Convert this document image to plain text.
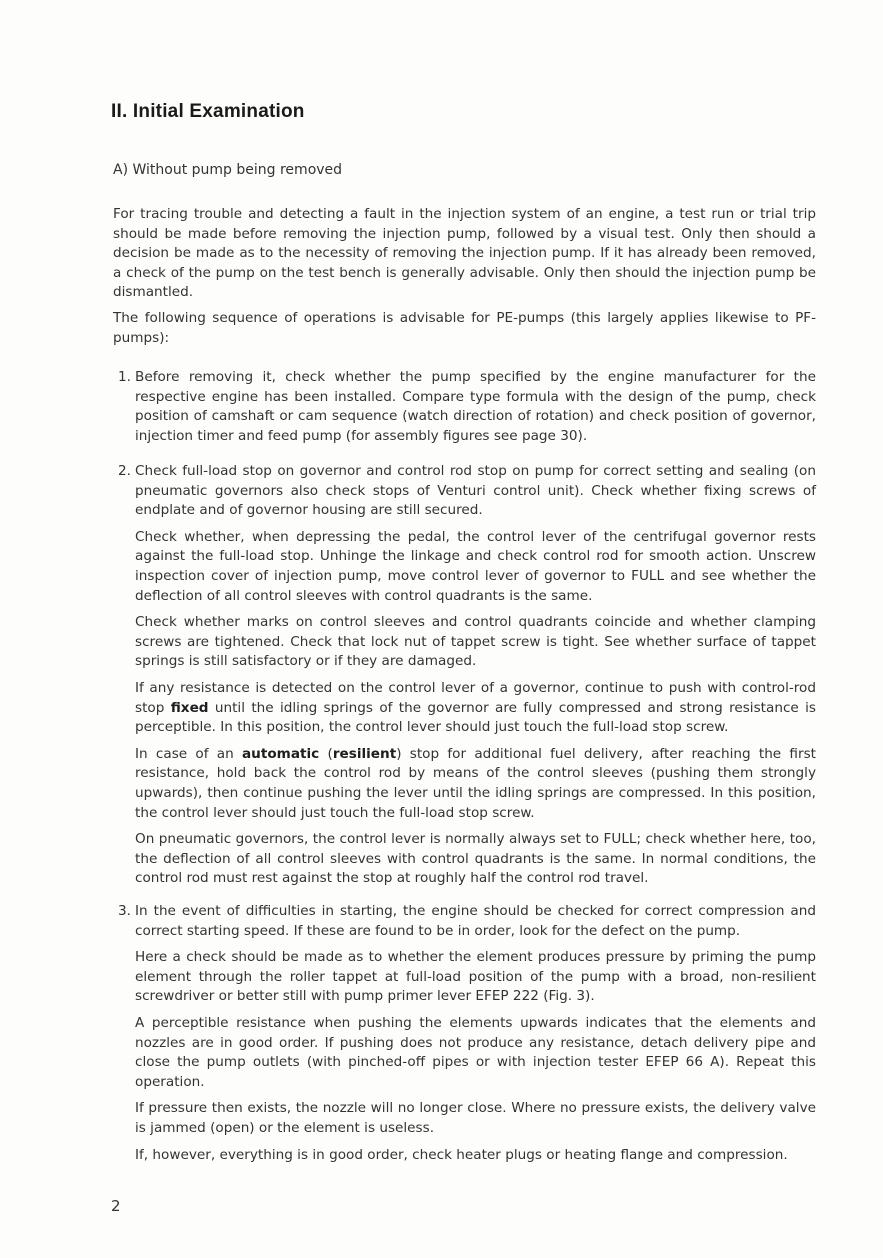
II. Initial Examination
A) Without pump being removed
For tracing trouble and detecting a fault in the injection system of an engine, a test run or trial trip should be made before removing the injection pump, followed by a visual test. Only then should a decision be made as to the necessity of removing the injection pump. If it has already been removed, a check of the pump on the test bench is generally advisable. Only then should the injection pump be dismantled.
The following sequence of operations is advisable for PE-pumps (this largely applies likewise to PF-pumps):
1. Before removing it, check whether the pump specified by the engine manufacturer for the respective engine has been installed. Compare type formula with the design of the pump, check position of camshaft or cam sequence (watch direction of rotation) and check position of governor, injection timer and feed pump (for assembly figures see page 30).

2. Check full-load stop on governor and control rod stop on pump for correct setting and sealing (on pneumatic governors also check stops of Venturi control unit). Check whether fixing screws of endplate and of governor housing are still secured.

Check whether, when depressing the pedal, the control lever of the centrifugal governor rests against the full-load stop. Unhinge the linkage and check control rod for smooth action. Unscrew inspection cover of injection pump, move control lever of governor to FULL and see whether the deflection of all control sleeves with control quadrants is the same.

Check whether marks on control sleeves and control quadrants coincide and whether clamping screws are tightened. Check that lock nut of tappet screw is tight. See whether surface of tappet springs is still satisfactory or if they are damaged.

If any resistance is detected on the control lever of a governor, continue to push with control-rod stop fixed until the idling springs of the governor are fully compressed and strong resistance is perceptible. In this position, the control lever should just touch the full-load stop screw.

In case of an automatic (resilient) stop for additional fuel delivery, after reaching the first resistance, hold back the control rod by means of the control sleeves (pushing them strongly upwards), then continue pushing the lever until the idling springs are compressed. In this position, the control lever should just touch the full-load stop screw.

On pneumatic governors, the control lever is normally always set to FULL; check whether here, too, the deflection of all control sleeves with control quadrants is the same. In normal conditions, the control rod must rest against the stop at roughly half the control rod travel.

3. In the event of difficulties in starting, the engine should be checked for correct compression and correct starting speed. If these are found to be in order, look for the defect on the pump.

Here a check should be made as to whether the element produces pressure by priming the pump element through the roller tappet at full-load position of the pump with a broad, non-resilient screwdriver or better still with pump primer lever EFEP 222 (Fig. 3).

A perceptible resistance when pushing the elements upwards indicates that the elements and nozzles are in good order. If pushing does not produce any resistance, detach delivery pipe and close the pump outlets (with pinched-off pipes or with injection tester EFEP 66 A). Repeat this operation.

If pressure then exists, the nozzle will no longer close. Where no pressure exists, the delivery valve is jammed (open) or the element is useless.

If, however, everything is in good order, check heater plugs or heating flange and compression.

2
